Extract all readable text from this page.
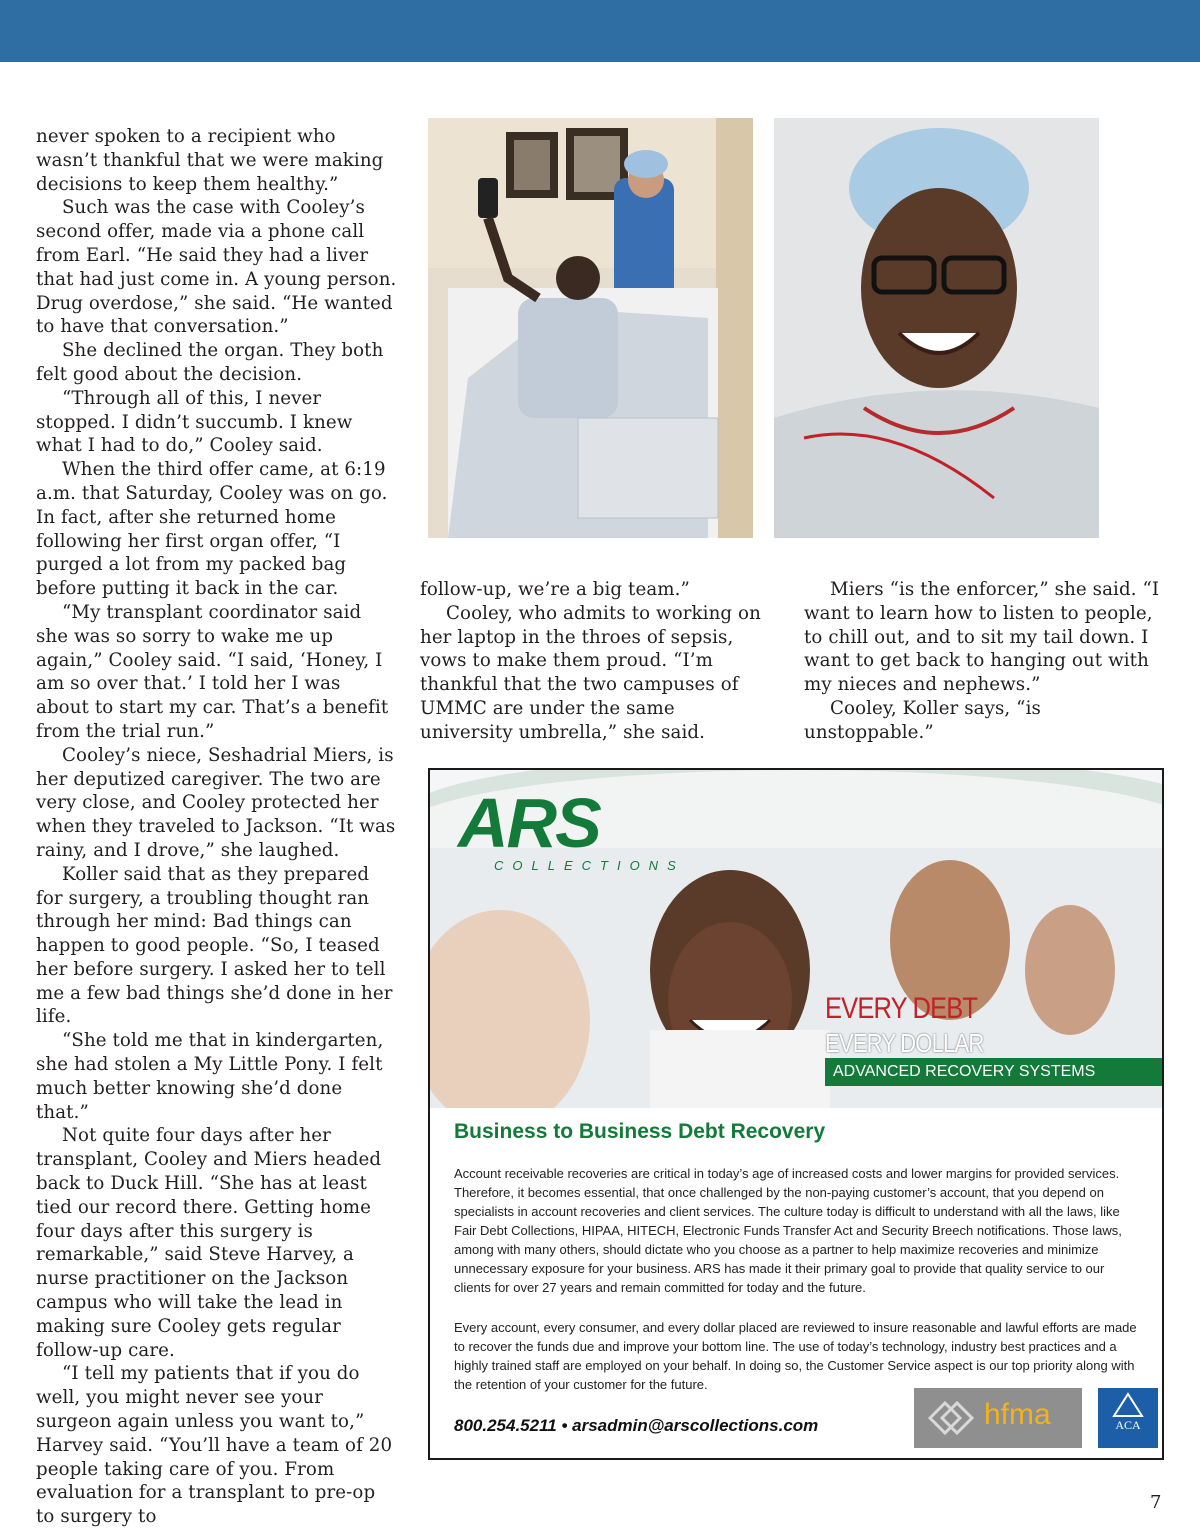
never spoken to a recipient who wasn’t thankful that we were making decisions to keep them healthy.”

Such was the case with Cooley’s second offer, made via a phone call from Earl. “He said they had a liver that had just come in. A young person. Drug overdose,” she said. “He wanted to have that conversation.”

She declined the organ. They both felt good about the decision.

“Through all of this, I never stopped. I didn’t succumb. I knew what I had to do,” Cooley said.

When the third offer came, at 6:19 a.m. that Saturday, Cooley was on go. In fact, after she returned home following her first organ offer, “I purged a lot from my packed bag before putting it back in the car.

“My transplant coordinator said she was so sorry to wake me up again,” Cooley said. “I said, ‘Honey, I am so over that.’ I told her I was about to start my car. That’s a benefit from the trial run.”

Cooley’s niece, Seshadrial Miers, is her deputized caregiver. The two are very close, and Cooley protected her when they traveled to Jackson. “It was rainy, and I drove,” she laughed.

Koller said that as they prepared for surgery, a troubling thought ran through her mind: Bad things can happen to good people. “So, I teased her before surgery. I asked her to tell me a few bad things she’d done in her life.

“She told me that in kindergarten, she had stolen a My Little Pony. I felt much better knowing she’d done that.”

Not quite four days after her transplant, Cooley and Miers headed back to Duck Hill. “She has at least tied our record there. Getting home four days after this surgery is remarkable,” said Steve Harvey, a nurse practitioner on the Jackson campus who will take the lead in making sure Cooley gets regular follow-up care.

“I tell my patients that if you do well, you might never see your surgeon again unless you want to,” Harvey said. “You’ll have a team of 20 people taking care of you. From evaluation for a transplant to pre-op to surgery to

follow-up, we’re a big team.”

Cooley, who admits to working on her laptop in the throes of sepsis, vows to make them proud. “I’m thankful that the two campuses of UMMC are under the same university umbrella,” she said.

Miers “is the enforcer,” she said. “I want to learn how to listen to people, to chill out, and to sit my tail down. I want to get back to hanging out with my nieces and nephews.”

Cooley, Koller says, “is unstoppable.”

ARS
COLLECTIONS
EVERY DEBT
EVERY DOLLAR
ADVANCED RECOVERY SYSTEMS
Business to Business Debt Recovery
Account receivable recoveries are critical in today’s age of increased costs and lower margins for provided services. Therefore, it becomes essential, that once challenged by the non-paying customer’s account, that you depend on specialists in account recoveries and client services. The culture today is difficult to understand with all the laws, like Fair Debt Collections, HIPAA, HITECH, Electronic Funds Transfer Act and Security Breech notifications. Those laws, among with many others, should dictate who you choose as a partner to help maximize recoveries and minimize unnecessary exposure for your business. ARS has made it their primary goal to provide that quality service to our clients for over 27 years and remain committed for today and the future.
Every account, every consumer, and every dollar placed are reviewed to insure reasonable and lawful efforts are made to recover the funds due and improve your bottom line. The use of today’s technology, industry best practices and a highly trained staff are employed on your behalf. In doing so, the Customer Service aspect is our top priority along with the retention of your customer for the future.
800.254.5211 • arsadmin@arscollections.com	hfma	ACA
7
